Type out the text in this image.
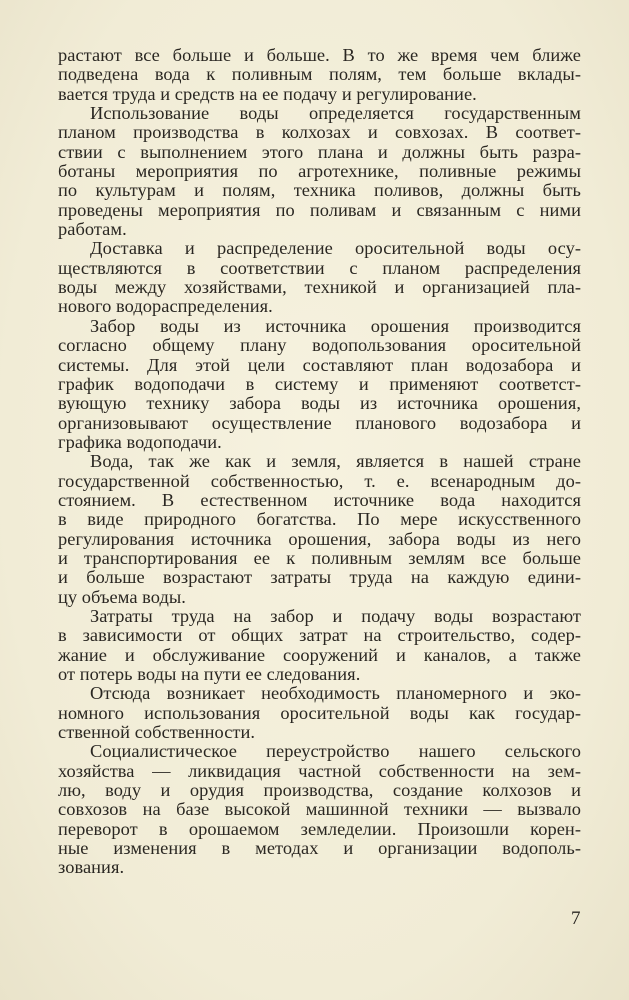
растают все больше и больше. В то же время чем ближе
подведена вода к поливным полям, тем больше вклады-
вается труда и средств на ее подачу и регулирование.
Использование воды определяется государственным
планом производства в колхозах и совхозах. В соответ-
ствии с выполнением этого плана и должны быть разра-
ботаны мероприятия по агротехнике, поливные режимы
по культурам и полям, техника поливов, должны быть
проведены мероприятия по поливам и связанным с ними
работам.
Доставка и распределение оросительной воды осу-
ществляются в соответствии с планом распределения
воды между хозяйствами, техникой и организацией пла-
нового водораспределения.
Забор воды из источника орошения производится
согласно общему плану водопользования оросительной
системы. Для этой цели составляют план водозабора и
график водоподачи в систему и применяют соответст-
вующую технику забора воды из источника орошения,
организовывают осуществление планового водозабора и
графика водоподачи.
Вода, так же как и земля, является в нашей стране
государственной собственностью, т. е. всенародным до-
стоянием. В естественном источнике вода находится
в виде природного богатства. По мере искусственного
регулирования источника орошения, забора воды из него
и транспортирования ее к поливным землям все больше
и больше возрастают затраты труда на каждую едини-
цу объема воды.
Затраты труда на забор и подачу воды возрастают
в зависимости от общих затрат на строительство, содер-
жание и обслуживание сооружений и каналов, а также
от потерь воды на пути ее следования.
Отсюда возникает необходимость планомерного и эко-
номного использования оросительной воды как государ-
ственной собственности.
Социалистическое переустройство нашего сельского
хозяйства — ликвидация частной собственности на зем-
лю, воду и орудия производства, создание колхозов и
совхозов на базе высокой машинной техники — вызвало
переворот в орошаемом земледелии. Произошли корен-
ные изменения в методах и организации водополь-
зования.
7
